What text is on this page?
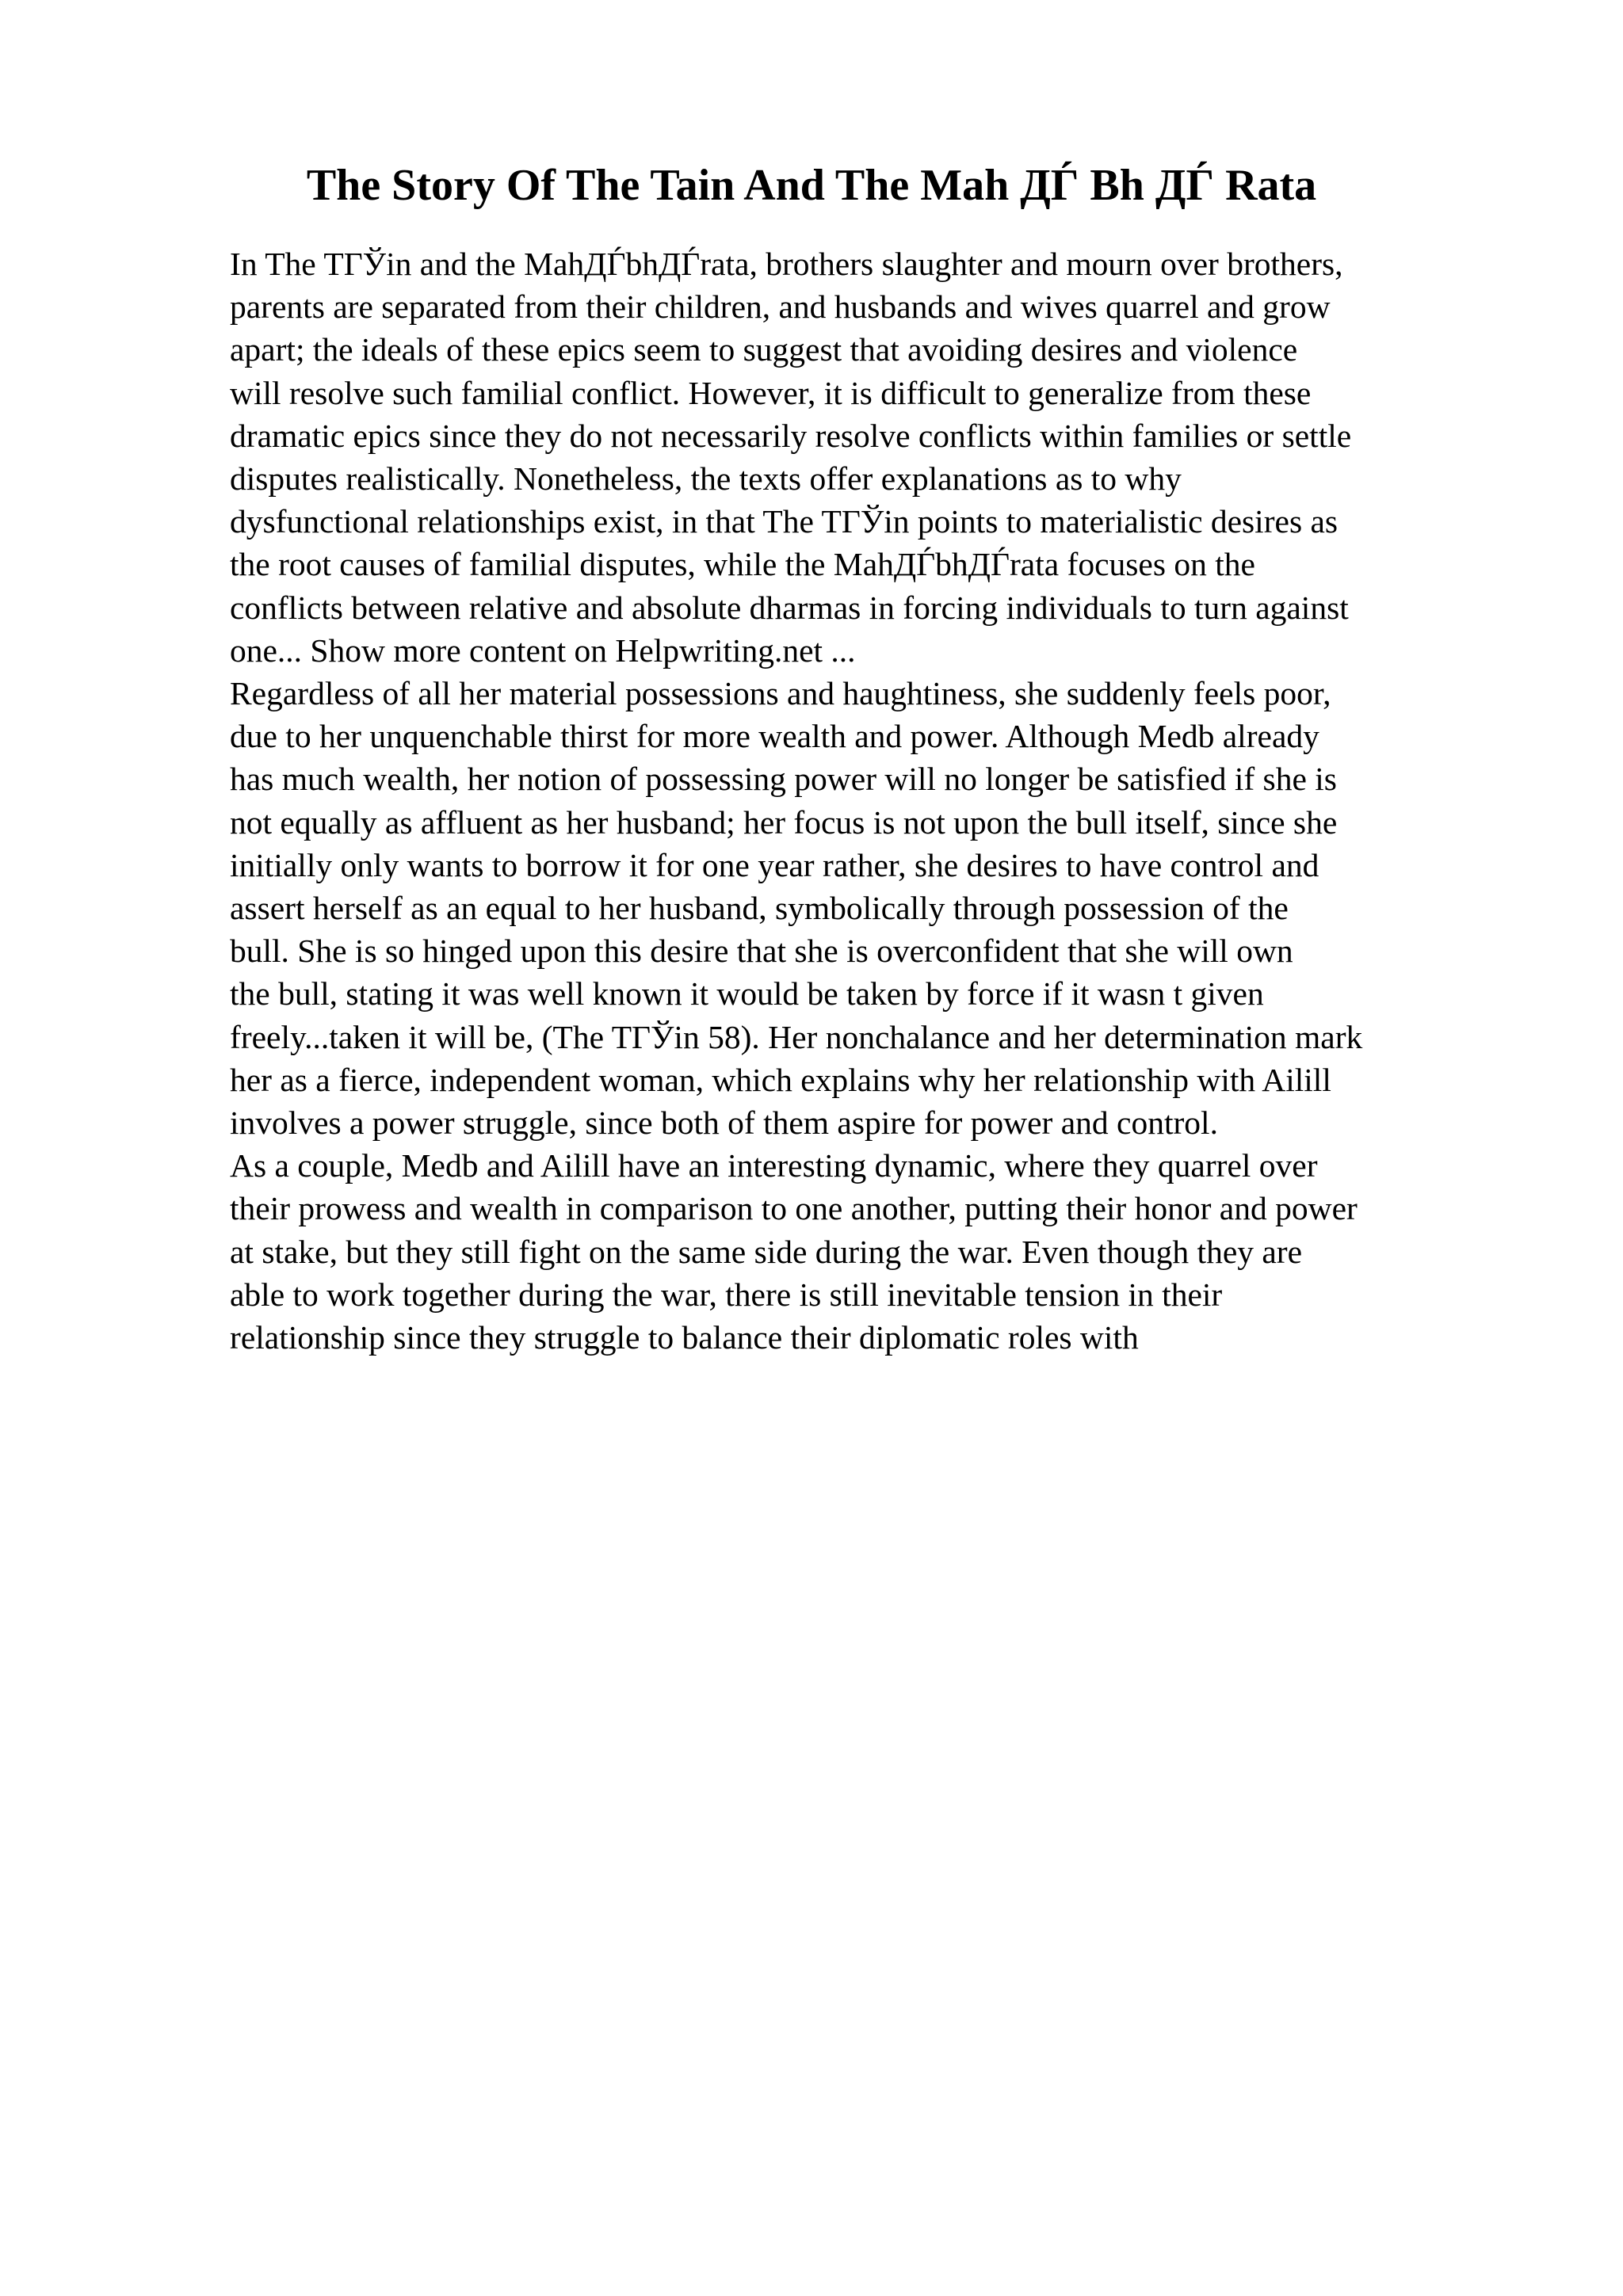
The Story Of The Tain And The Mah ДЃ Bh ДЃ Rata

In The TГЎin and the MahДЃbhДЃrata, brothers slaughter and mourn over brothers,
parents are separated from their children, and husbands and wives quarrel and grow
apart; the ideals of these epics seem to suggest that avoiding desires and violence
will resolve such familial conflict. However, it is difficult to generalize from these
dramatic epics since they do not necessarily resolve conflicts within families or settle
disputes realistically. Nonetheless, the texts offer explanations as to why
dysfunctional relationships exist, in that The TГЎin points to materialistic desires as
the root causes of familial disputes, while the MahДЃbhДЃrata focuses on the
conflicts between relative and absolute dharmas in forcing individuals to turn against
one... Show more content on Helpwriting.net ...

Regardless of all her material possessions and haughtiness, she suddenly feels poor,
due to her unquenchable thirst for more wealth and power. Although Medb already
has much wealth, her notion of possessing power will no longer be satisfied if she is
not equally as affluent as her husband; her focus is not upon the bull itself, since she
initially only wants to borrow it for one year rather, she desires to have control and
assert herself as an equal to her husband, symbolically through possession of the
bull. She is so hinged upon this desire that she is overconfident that she will own
the bull, stating it was well known it would be taken by force if it wasn t given
freely...taken it will be, (The TГЎin 58). Her nonchalance and her determination mark
her as a fierce, independent woman, which explains why her relationship with Ailill
involves a power struggle, since both of them aspire for power and control.

As a couple, Medb and Ailill have an interesting dynamic, where they quarrel over
their prowess and wealth in comparison to one another, putting their honor and power
at stake, but they still fight on the same side during the war. Even though they are
able to work together during the war, there is still inevitable tension in their
relationship since they struggle to balance their diplomatic roles with
